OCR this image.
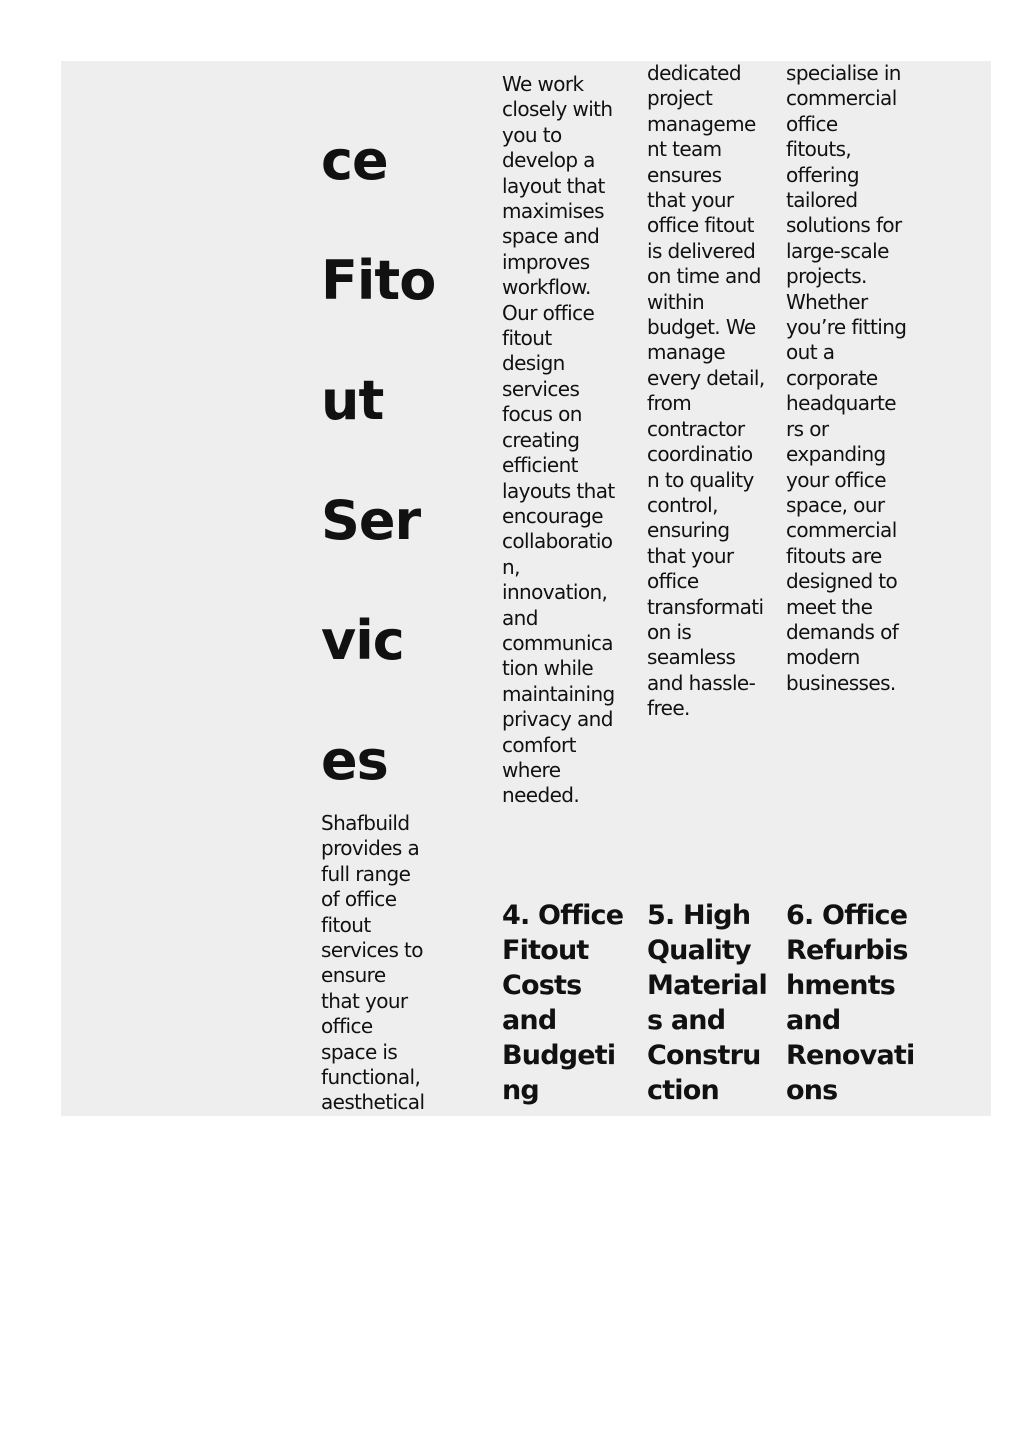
ce
Fito
ut
Ser
vic
es
Shafbuild
provides a
full range
of office
fitout
services to
ensure
that your
office
space is
functional,
aesthetical
We work
closely with
you to
develop a
layout that
maximises
space and
improves
workflow.
Our office
fitout
design
services
focus on
creating
efficient
layouts that
encourage
collaboratio
n,
innovation,
and
communica
tion while
maintaining
privacy and
comfort
where
needed.
dedicated
project
manageme
nt team
ensures
that your
office fitout
is delivered
on time and
within
budget. We
manage
every detail,
from
contractor
coordinatio
n to quality
control,
ensuring
that your
office
transformati
on is
seamless
and hassle-
free.
specialise in
commercial
office
fitouts,
offering
tailored
solutions for
large-scale
projects.
Whether
you’re fitting
out a
corporate
headquarte
rs or
expanding
your office
space, our
commercial
fitouts are
designed to
meet the
demands of
modern
businesses.
4. Office
Fitout
Costs
and
Budgeti
ng
5. High
Quality
Material
s and
Constru
ction
6. Office
Refurbis
hments
and
Renovati
ons
